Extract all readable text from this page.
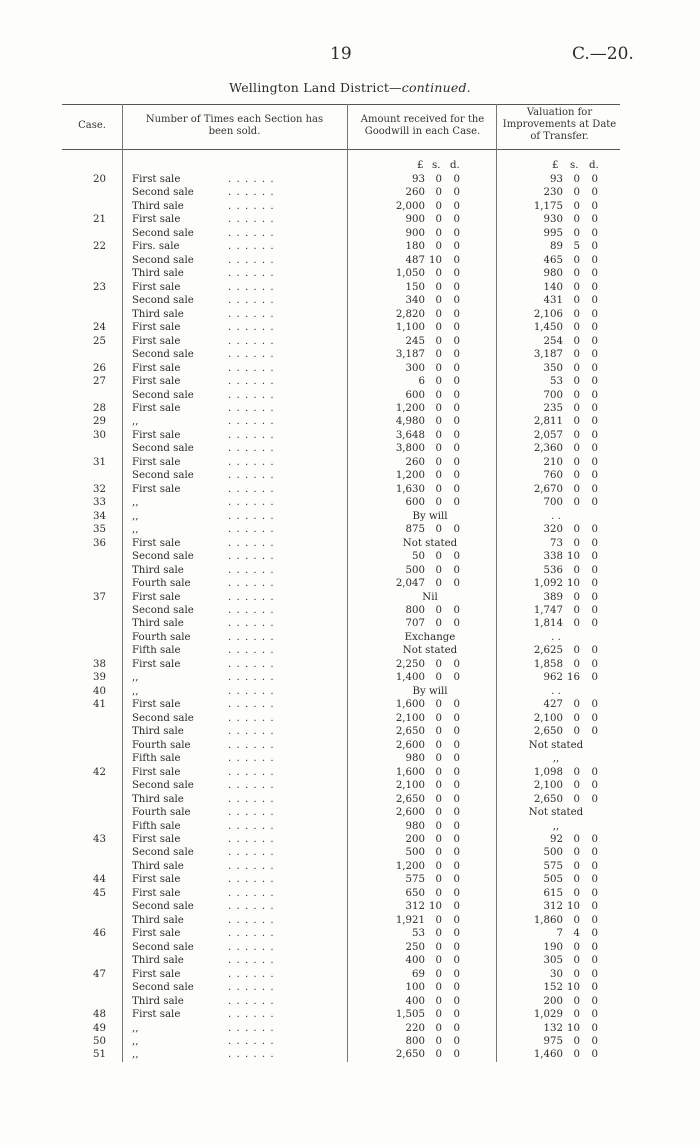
19	C.—20.
Wellington Land District—continued.
Case.
Number of Times each Section has been sold.
Amount received for the Goodwill in each Case.
Valuation for Improvements at Date of Transfer.
£ s. d.	£ s. d.
20	First sale	. . . . . .	93	0	0	93	0	0
Second sale	. . . . . .	260	0	0	230	0	0
Third sale	. . . . . .	2,000	0	0	1,175	0	0
21	First sale	. . . . . .	900	0	0	930	0	0
Second sale	. . . . . .	900	0	0	995	0	0
22	Firs. sale	. . . . . .	180	0	0	89	5	0
Second sale	. . . . . .	487 10	0	465	0	0
Third sale	. . . . . .	1,050	0	0	980	0	0
23	First sale	. . . . . .	150	0	0	140	0	0
Second sale	. . . . . .	340	0	0	431	0	0
Third sale	. . . . . .	2,820	0	0	2,106	0	0
24	First sale	. . . . . .	1,100	0	0	1,450	0	0
25	First sale	. . . . . .	245	0	0	254	0	0
Second sale	. . . . . .	3,187	0	0	3,187	0	0
26	First sale	. . . . . .	300	0	0	350	0	0
27	First sale	. . . . . .	6	0	0	53	0	0
Second sale	. . . . . .	600	0	0	700	0	0
28	First sale	. . . . . .	1,200	0	0	235	0	0
29	,,	. . . . . .	4,980	0	0	2,811	0	0
30	First sale	. . . . . .	3,648	0	0	2,057	0	0
Second sale	. . . . . .	3,800	0	0	2,360	0	0
31	First sale	. . . . . .	260	0	0	210	0	0
Second sale	. . . . . .	1,200	0	0	760	0	0
32	First sale	. . . . . .	1,630	0	0	2,670	0	0
33	,,	. . . . . .	600	0	0	700	0	0
34	,,	. . . . . .	By will	. .
35	,,	. . . . . .	875	0	0	320	0	0
36	First sale	. . . . . .	Not stated	73	0	0
Second sale	. . . . . .	50	0	0	338 10	0
Third sale	. . . . . .	500	0	0	536	0	0
Fourth sale	. . . . . .	2,047	0	0	1,092 10	0
37	First sale	. . . . . .	Nil	389	0	0
Second sale	. . . . . .	800	0	0	1,747	0	0
Third sale	. . . . . .	707	0	0	1,814	0	0
Fourth sale	. . . . . .	Exchange	. .
Fifth sale	. . . . . .	Not stated	2,625	0	0
38	First sale	. . . . . .	2,250	0	0	1,858	0	0
39	,,	. . . . . .	1,400	0	0	962 16	0
40	,,	. . . . . .	By will	. .
41	First sale	. . . . . .	1,600	0	0	427	0	0
Second sale	. . . . . .	2,100	0	0	2,100	0	0
Third sale	. . . . . .	2,650	0	0	2,650	0	0
Fourth sale	. . . . . .	2,600	0	0	Not stated
Fifth sale	. . . . . .	980	0	0	,,
42	First sale	. . . . . .	1,600	0	0	1,098	0	0
Second sale	. . . . . .	2,100	0	0	2,100	0	0
Third sale	. . . . . .	2,650	0	0	2,650	0	0
Fourth sale	. . . . . .	2,600	0	0	Not stated
Fifth sale	. . . . . .	980	0	0	,,
43	First sale	. . . . . .	200	0	0	92	0	0
Second sale	. . . . . .	500	0	0	500	0	0
Third sale	. . . . . .	1,200	0	0	575	0	0
44	First sale	. . . . . .	575	0	0	505	0	0
45	First sale	. . . . . .	650	0	0	615	0	0
Second sale	. . . . . .	312 10	0	312 10	0
Third sale	. . . . . .	1,921	0	0	1,860	0	0
46	First sale	. . . . . .	53	0	0	7	4	0
Second sale	. . . . . .	250	0	0	190	0	0
Third sale	. . . . . .	400	0	0	305	0	0
47	First sale	. . . . . .	69	0	0	30	0	0
Second sale	. . . . . .	100	0	0	152 10	0
Third sale	. . . . . .	400	0	0	200	0	0
48	First sale	. . . . . .	1,505	0	0	1,029	0	0
49	,,	. . . . . .	220	0	0	132 10	0
50	,,	. . . . . .	800	0	0	975	0	0
51	,,	. . . . . .	2,650	0	0	1,460	0	0
